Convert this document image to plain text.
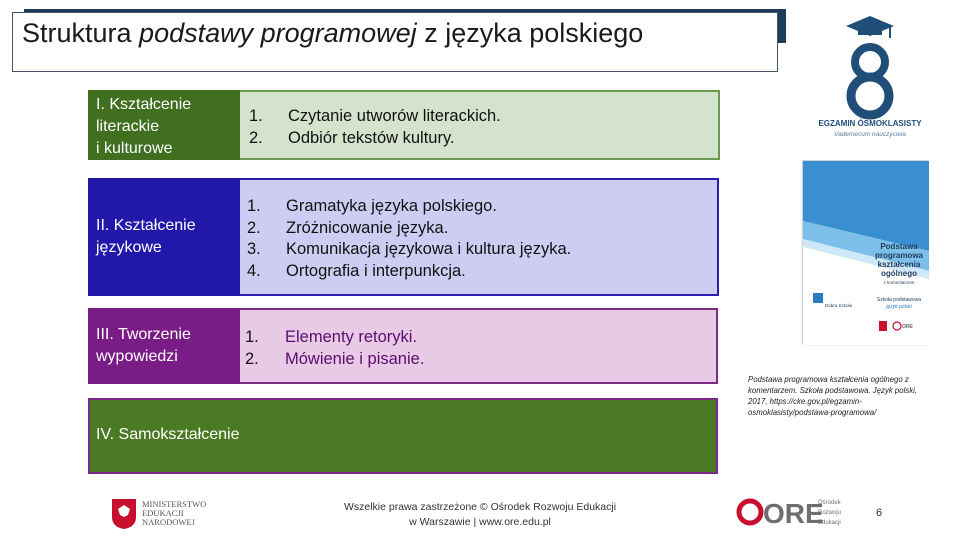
Struktura podstawy programowej z języka polskiego
I. Kształcenie
literackie
i kulturowe
1.
2.
Czytanie utworów literackich.
Odbiór tekstów kultury.
II. Kształcenie
językowe
1.
2.
3.
4.
Gramatyka języka polskiego.
Zróżnicowanie języka.
Komunikacja językowa i kultura języka.
Ortografia i interpunkcja.
III. Tworzenie
wypowiedzi
1.
2.
Elementy retoryki.
Mówienie i pisanie.
IV. Samokształcenie
EGZAMIN ÓSMOKLASISTY
Vademecum nauczyciela
Podstawa
programowa
kształcenia
ogólnego
z komentarzem
Szkoła podstawowa
język polski
Dobra Szkoła
ORE
Podstawa programowa kształcenia ogólnego z komentarzem. Szkoła podstawowa. Język polski, 2017, https://cke.gov.pl/egzamin-osmoklasisty/podstawa-programowa/
MINISTERSTWO
EDUKACJI
NARODOWEJ
Wszelkie prawa zastrzeżone © Ośrodek Rozwoju Edukacji
w Warszawie | www.ore.edu.pl	ORE
Ośrodek
Rozwoju
Edukacji
6
